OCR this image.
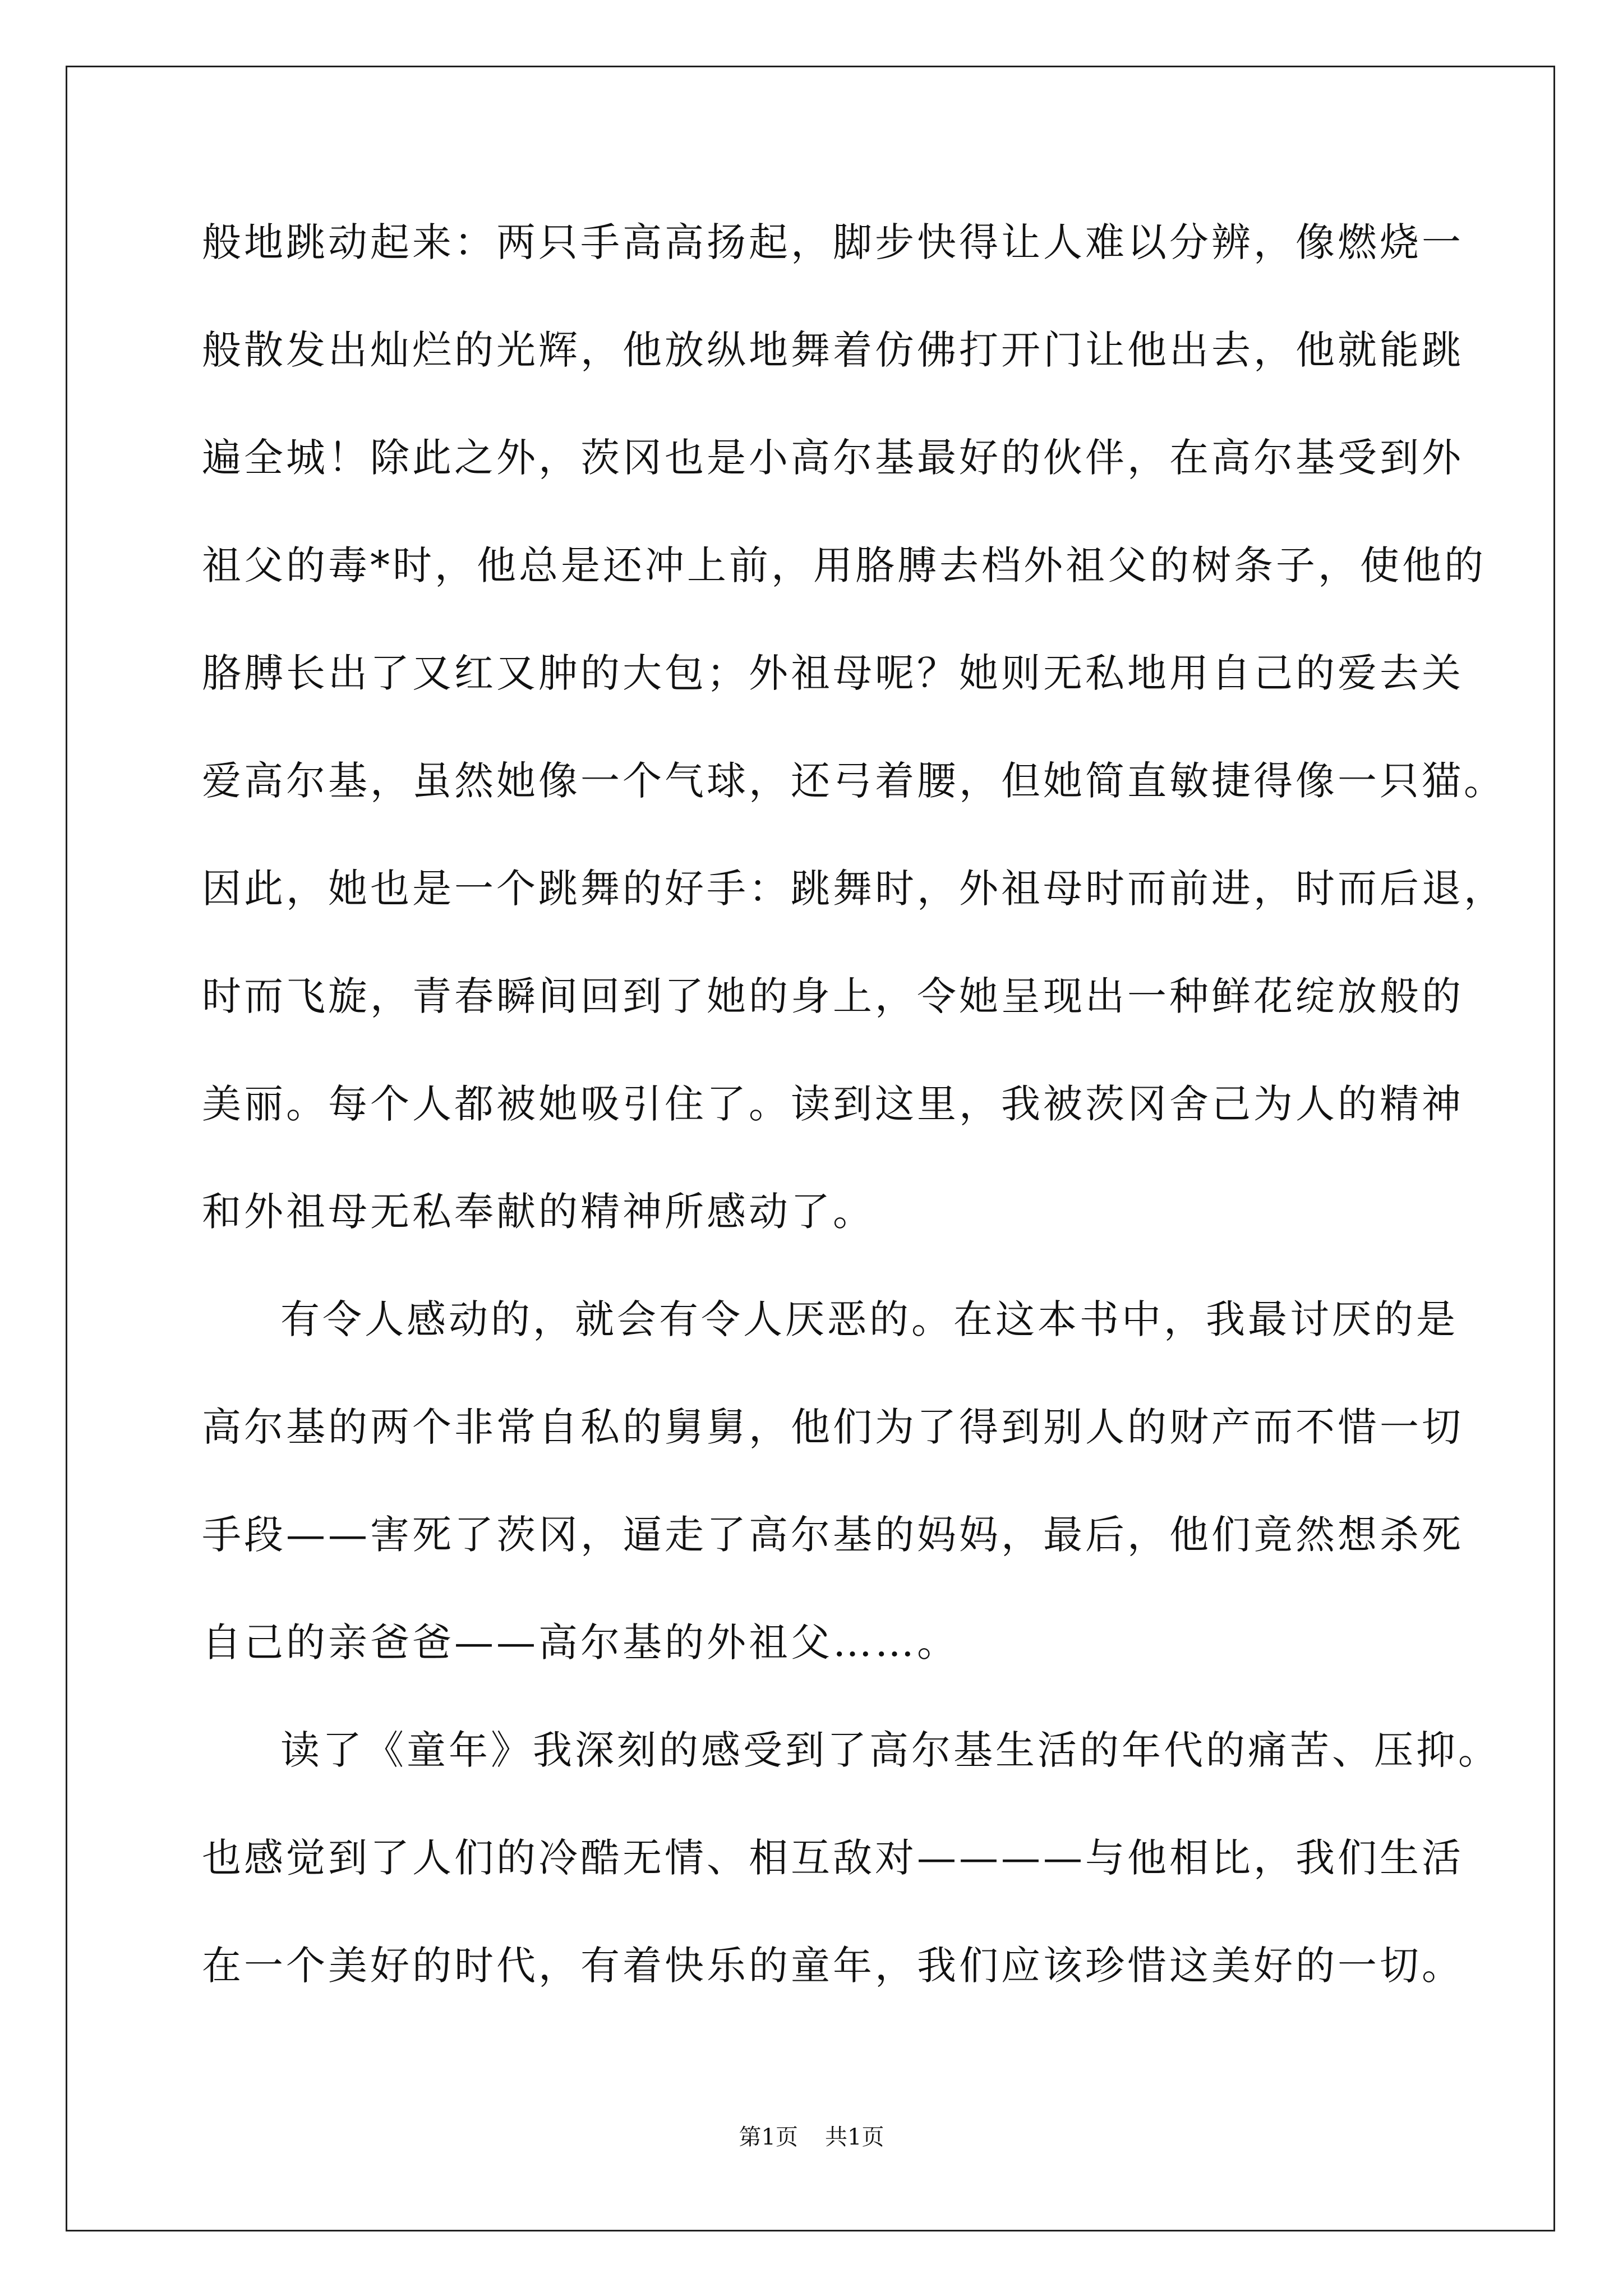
般地跳动起来：两只手高高扬起，脚步快得让人难以分辨，像燃烧一
般散发出灿烂的光辉，他放纵地舞着仿佛打开门让他出去，他就能跳
遍全城！除此之外，茨冈也是小高尔基最好的伙伴，在高尔基受到外
祖父的毒*时，他总是还冲上前，用胳膊去档外祖父的树条子，使他的
胳膊长出了又红又肿的大包；外祖母呢？她则无私地用自己的爱去关
爱高尔基，虽然她像一个气球，还弓着腰，但她简直敏捷得像一只猫。
因此，她也是一个跳舞的好手：跳舞时，外祖母时而前进，时而后退，
时而飞旋，青春瞬间回到了她的身上，令她呈现出一种鲜花绽放般的
美丽。每个人都被她吸引住了。读到这里，我被茨冈舍己为人的精神
和外祖母无私奉献的精神所感动了。
有令人感动的，就会有令人厌恶的。在这本书中，我最讨厌的是
高尔基的两个非常自私的舅舅，他们为了得到别人的财产而不惜一切
手段——害死了茨冈，逼走了高尔基的妈妈，最后，他们竟然想杀死
自己的亲爸爸——高尔基的外祖父……。
读了《童年》我深刻的感受到了高尔基生活的年代的痛苦、压抑。
也感觉到了人们的冷酷无情、相互敌对————与他相比，我们生活
在一个美好的时代，有着快乐的童年，我们应该珍惜这美好的一切。
第1页 共1页
